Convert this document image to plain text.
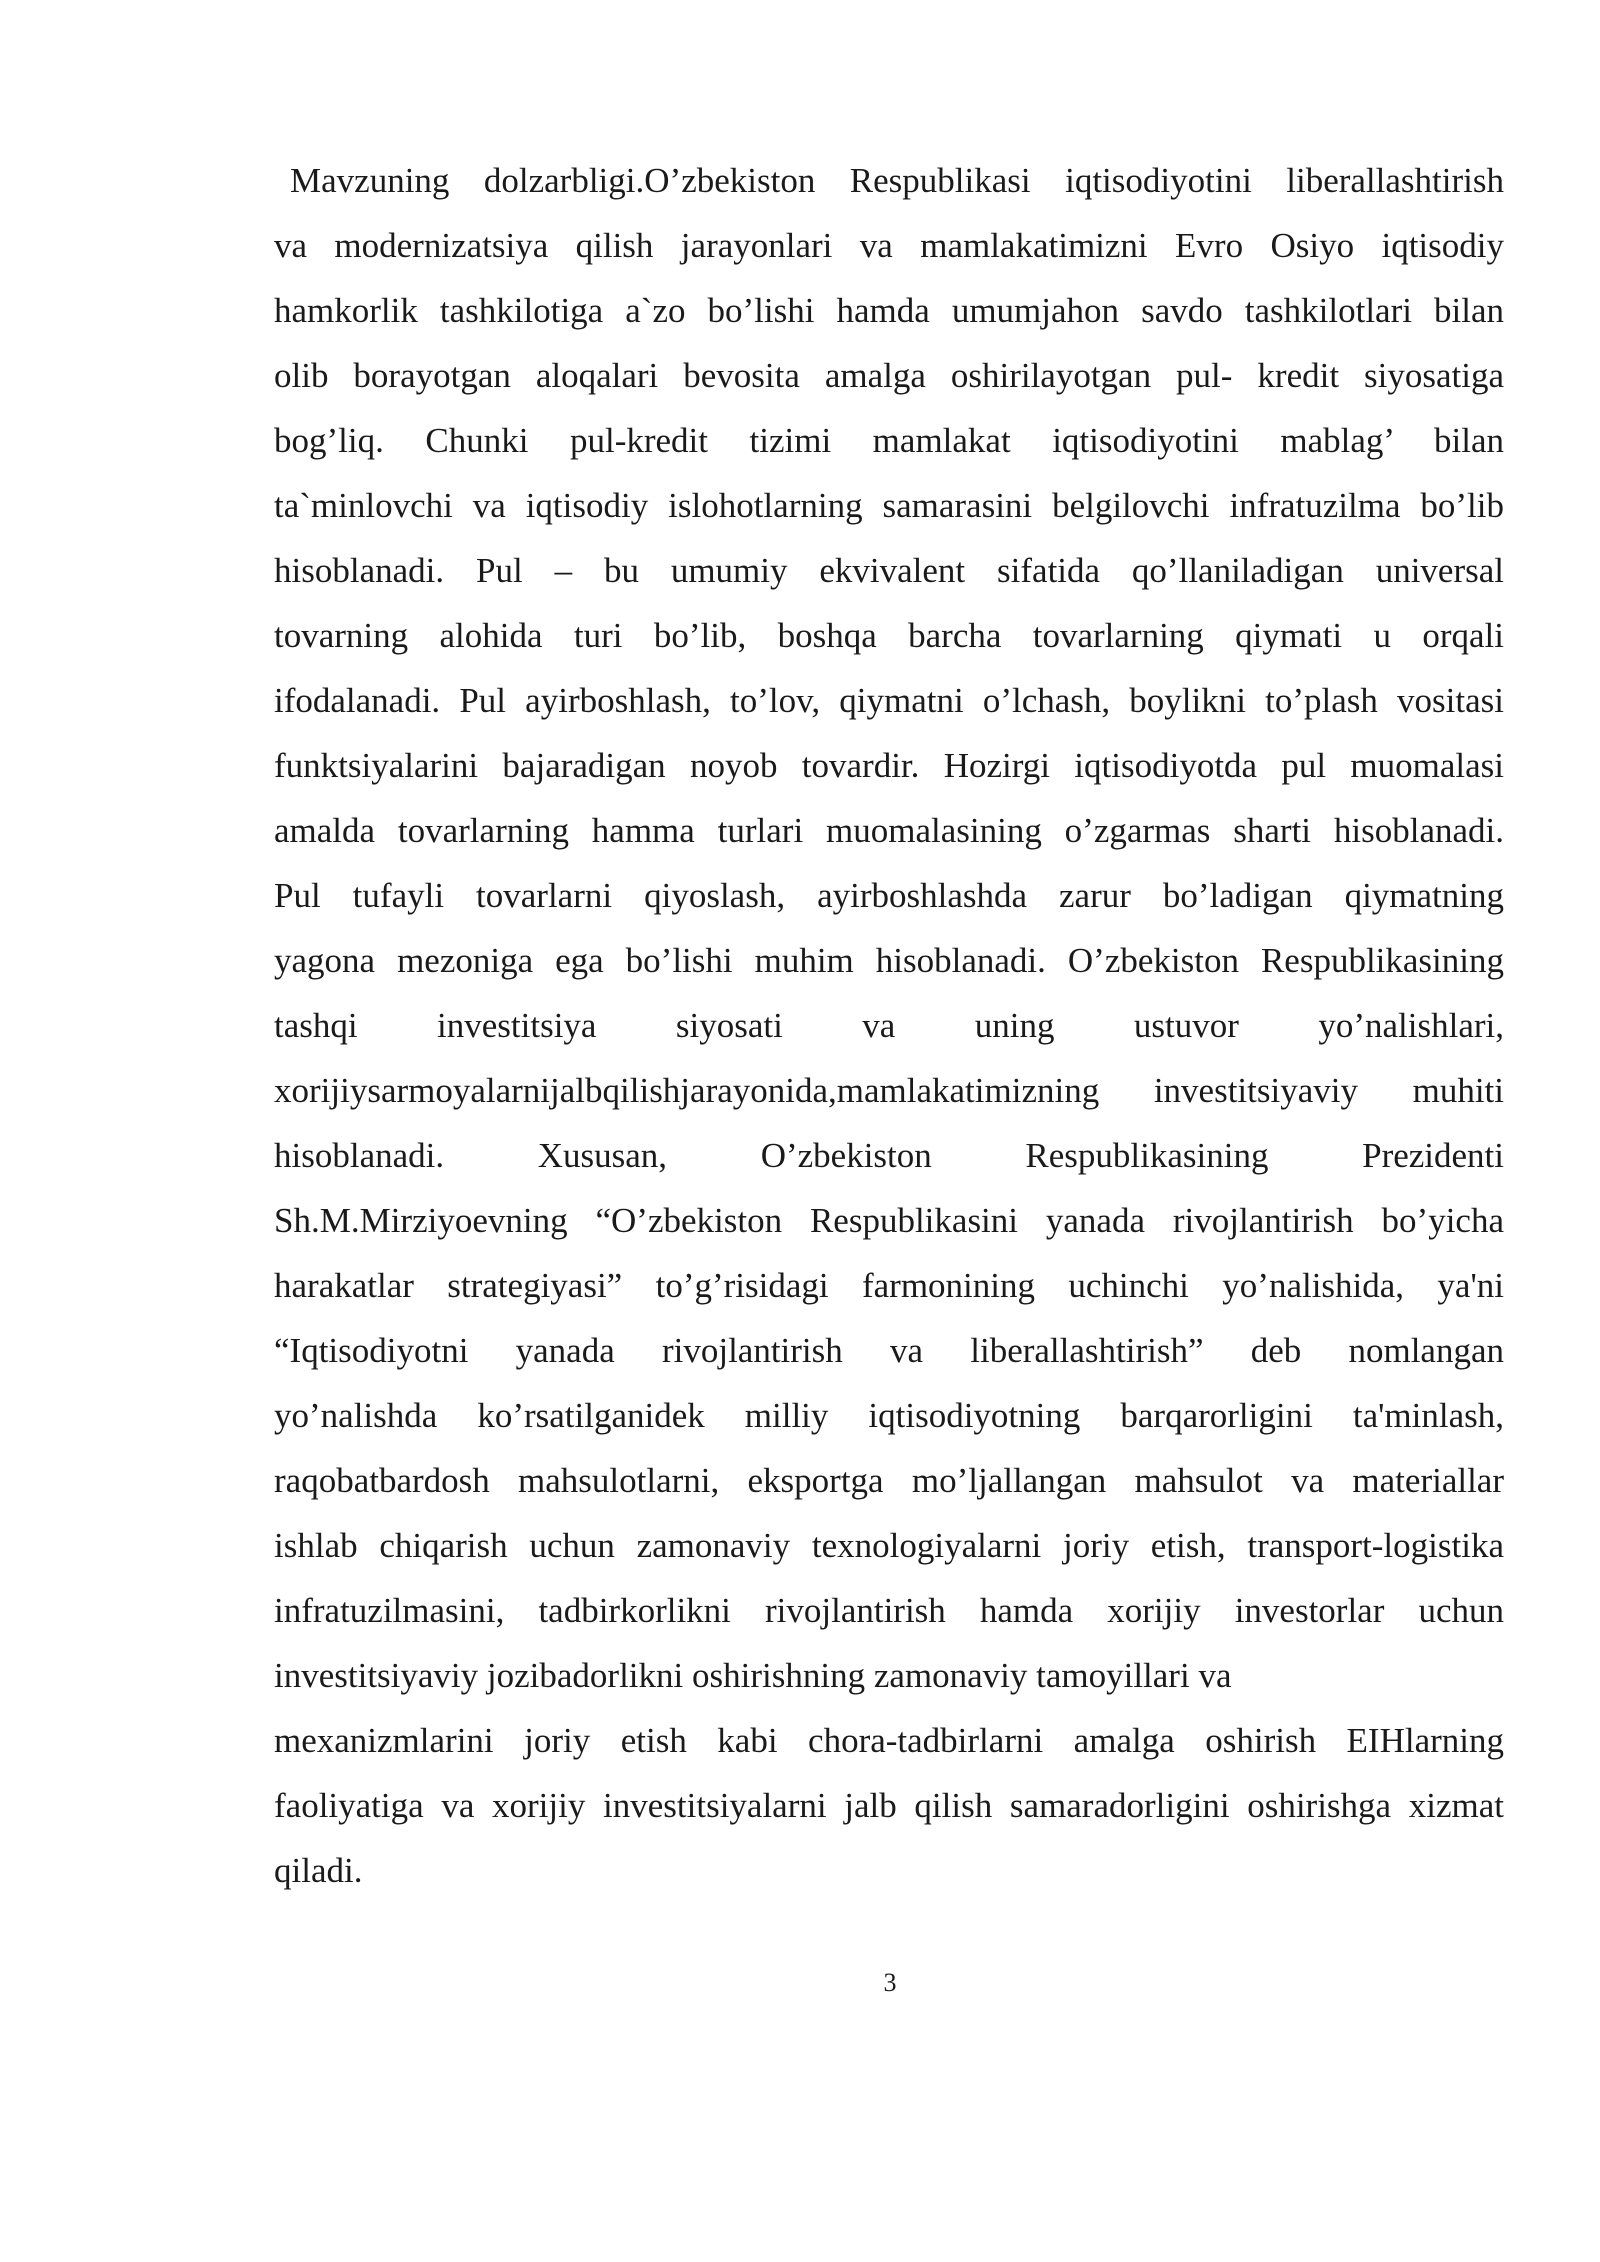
Mavzuning dolzarbligi.O’zbekiston Respublikasi iqtisodiyotini liberallashtirish
va modernizatsiya qilish jarayonlari va mamlakatimizni Evro Osiyo iqtisodiy
hamkorlik tashkilotiga a`zo bo’lishi hamda umumjahon savdo tashkilotlari bilan
olib borayotgan aloqalari bevosita amalga oshirilayotgan pul- kredit siyosatiga
bog’liq. Chunki pul-kredit tizimi mamlakat iqtisodiyotini mablag’ bilan
ta`minlovchi va iqtisodiy islohotlarning samarasini belgilovchi infratuzilma bo’lib
hisoblanadi. Pul – bu umumiy ekvivalent sifatida qo’llaniladigan universal
tovarning alohida turi bo’lib, boshqa barcha tovarlarning qiymati u orqali
ifodalanadi. Pul ayirboshlash, to’lov, qiymatni o’lchash, boylikni to’plash vositasi
funktsiyalarini bajaradigan noyob tovardir. Hozirgi iqtisodiyotda pul muomalasi
amalda tovarlarning hamma turlari muomalasining o’zgarmas sharti hisoblanadi.
Pul tufayli tovarlarni qiyoslash, ayirboshlashda zarur bo’ladigan qiymatning
yagona mezoniga ega bo’lishi muhim hisoblanadi. O’zbekiston Respublikasining
tashqi investitsiya siyosati va uning ustuvor yo’nalishlari,
xorijiysarmoyalarnijalbqilishjarayonida,mamlakatimizning investitsiyaviy muhiti
hisoblanadi. Xususan, O’zbekiston Respublikasining Prezidenti
Sh.M.Mirziyoevning “O’zbekiston Respublikasini yanada rivojlantirish bo’yicha
harakatlar strategiyasi” to’g’risidagi farmonining uchinchi yo’nalishida, ya'ni
“Iqtisodiyotni yanada rivojlantirish va liberallashtirish” deb nomlangan
yo’nalishda ko’rsatilganidek milliy iqtisodiyotning barqarorligini ta'minlash,
raqobatbardosh mahsulotlarni, eksportga mo’ljallangan mahsulot va materiallar
ishlab chiqarish uchun zamonaviy texnologiyalarni joriy etish, transport-logistika
infratuzilmasini, tadbirkorlikni rivojlantirish hamda xorijiy investorlar uchun
investitsiyaviy jozibadorlikni oshirishning zamonaviy tamoyillari va
mexanizmlarini joriy etish kabi chora-tadbirlarni amalga oshirish EIHlarning
faoliyatiga va xorijiy investitsiyalarni jalb qilish samaradorligini oshirishga xizmat
qiladi.
3
